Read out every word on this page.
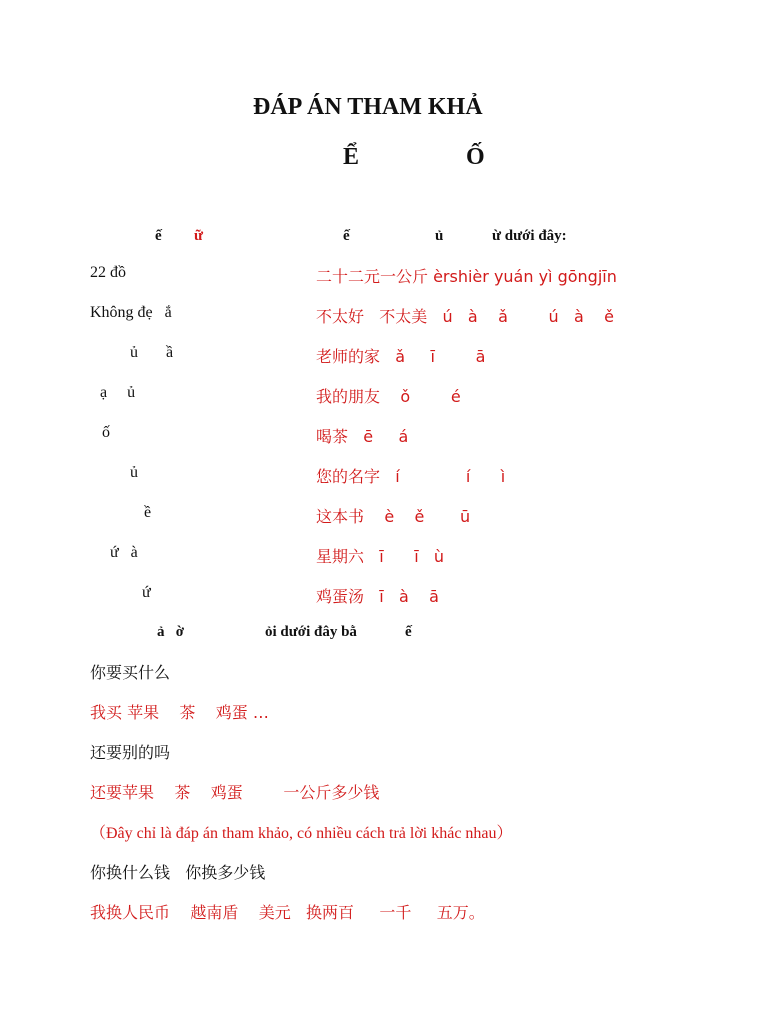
ĐÁP ÁN THAM KHẢ
Ể	Ố
ế ữ	ế	ủ	ừ dưới đây:
22 đồ	二十二元一公斤 èrshièr yuán yì gōngjīn
Không đẹ   ắ	不太好   不太美   ú   à    ǎ        ú   à    ě
ủ       ầ	老师的家   ǎ     ī        ā
ạ     ủ	我的朋友    ǒ        é
ố	喝茶   ē     á
ủ	您的名字   í             í      ì
ề	这本书    è    ě       ū
ứ   à	星期六   ī      ī   ù
ứ	鸡蛋汤   ī   à    ā
ả   ờ	ỏi dưới đây bằ	ế
你要买什么
我买 苹果    茶    鸡蛋 …
还要别的吗
还要苹果    茶    鸡蛋        一公斤多少钱
（Đây chỉ là đáp án tham khảo, có nhiều cách trả lời khác nhau）
你换什么钱   你换多少钱
我换人民币    越南盾    美元   换两百     一千     五万。
